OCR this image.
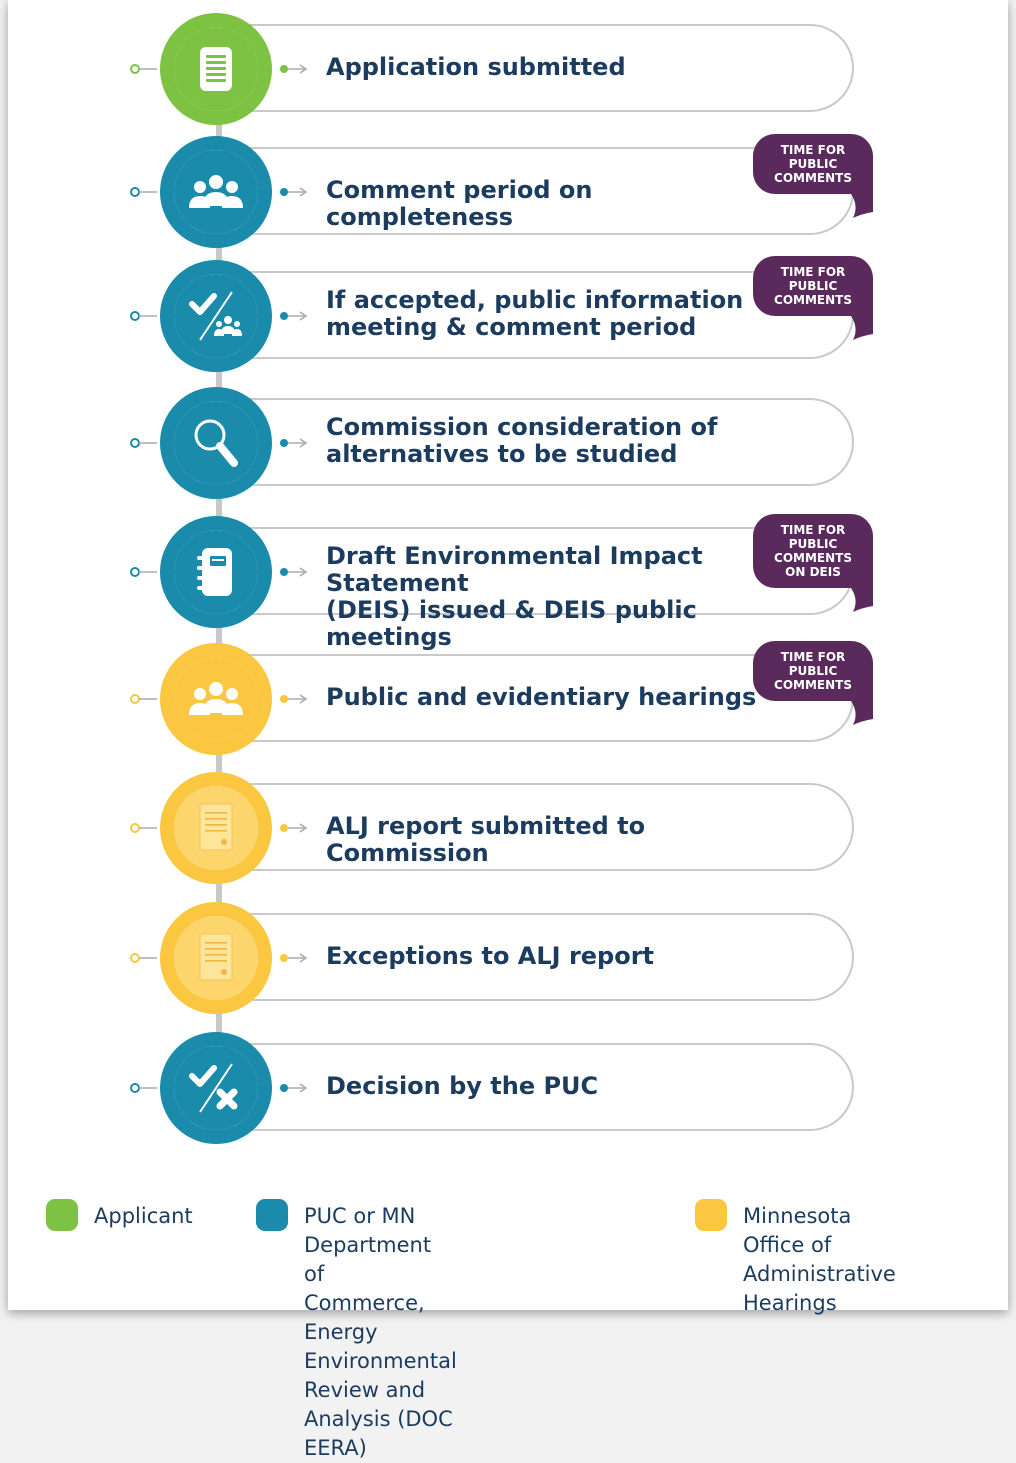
Application submitted
Comment period on completeness
TIME FOR
PUBLIC
COMMENTS
If accepted, public information
meeting & comment period
TIME FOR
PUBLIC
COMMENTS
Commission consideration of
alternatives to be studied
Draft Environmental Impact Statement
(DEIS) issued & DEIS public meetings
TIME FOR
PUBLIC
COMMENTS
ON DEIS
Public and evidentiary hearings
TIME FOR
PUBLIC
COMMENTS
ALJ report submitted to Commission
Exceptions to ALJ report
Decision by the PUC
Applicant	PUC or MN Department of
Commerce, Energy Environmental
Review and Analysis (DOC EERA)
Minnesota Office of
Administrative Hearings
